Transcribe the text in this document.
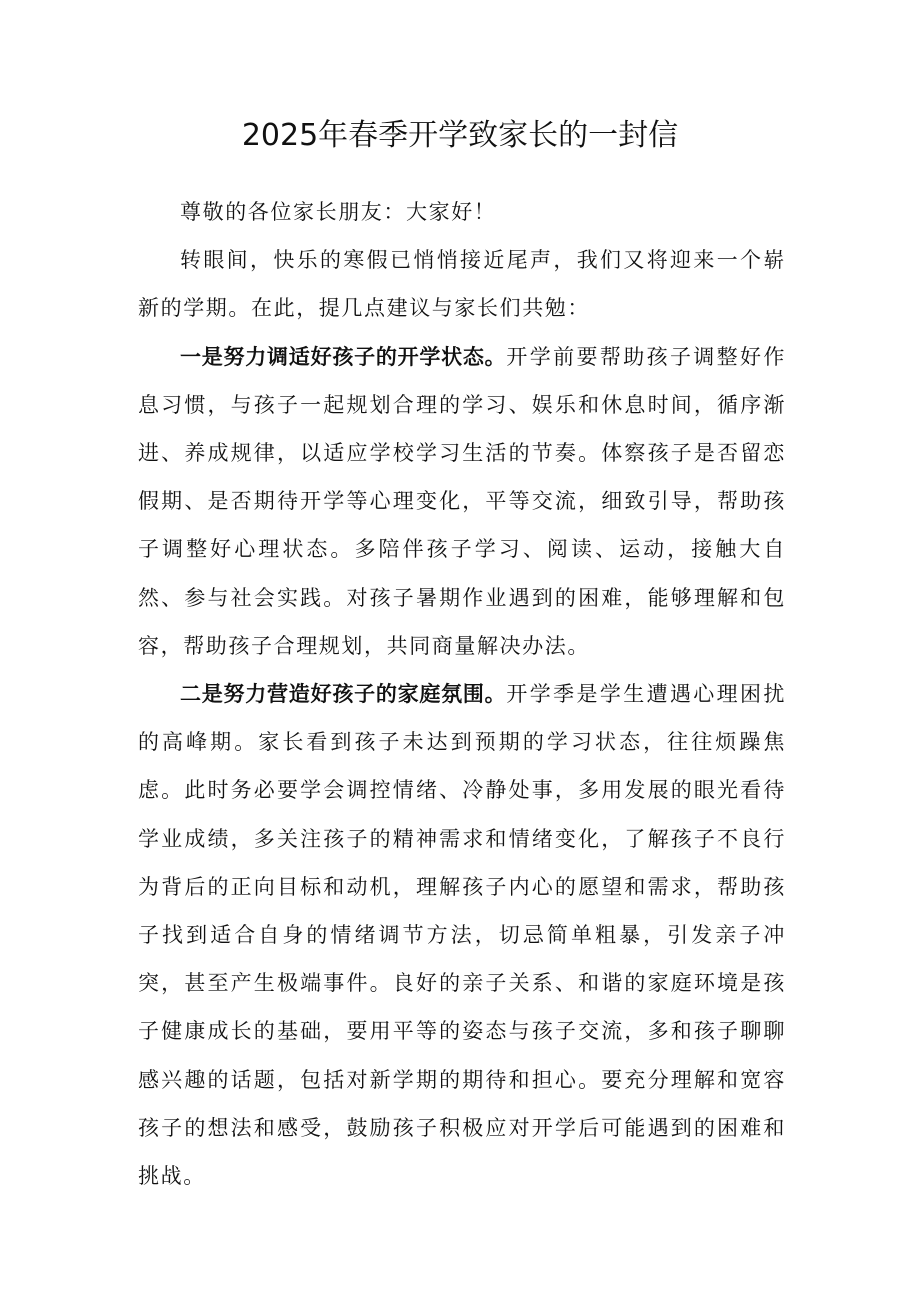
2025年春季开学致家长的一封信

尊敬的各位家长朋友：大家好！

转眼间，快乐的寒假已悄悄接近尾声，我们又将迎来一个崭新的学期。在此，提几点建议与家长们共勉：

一是努力调适好孩子的开学状态。开学前要帮助孩子调整好作息习惯，与孩子一起规划合理的学习、娱乐和休息时间，循序渐进、养成规律，以适应学校学习生活的节奏。体察孩子是否留恋假期、是否期待开学等心理变化，平等交流，细致引导，帮助孩子调整好心理状态。多陪伴孩子学习、阅读、运动，接触大自然、参与社会实践。对孩子暑期作业遇到的困难，能够理解和包容，帮助孩子合理规划，共同商量解决办法。

二是努力营造好孩子的家庭氛围。开学季是学生遭遇心理困扰的高峰期。家长看到孩子未达到预期的学习状态，往往烦躁焦虑。此时务必要学会调控情绪、冷静处事，多用发展的眼光看待学业成绩，多关注孩子的精神需求和情绪变化，了解孩子不良行为背后的正向目标和动机，理解孩子内心的愿望和需求，帮助孩子找到适合自身的情绪调节方法，切忌简单粗暴，引发亲子冲突，甚至产生极端事件。良好的亲子关系、和谐的家庭环境是孩子健康成长的基础，要用平等的姿态与孩子交流，多和孩子聊聊感兴趣的话题，包括对新学期的期待和担心。要充分理解和宽容孩子的想法和感受，鼓励孩子积极应对开学后可能遇到的困难和挑战。
